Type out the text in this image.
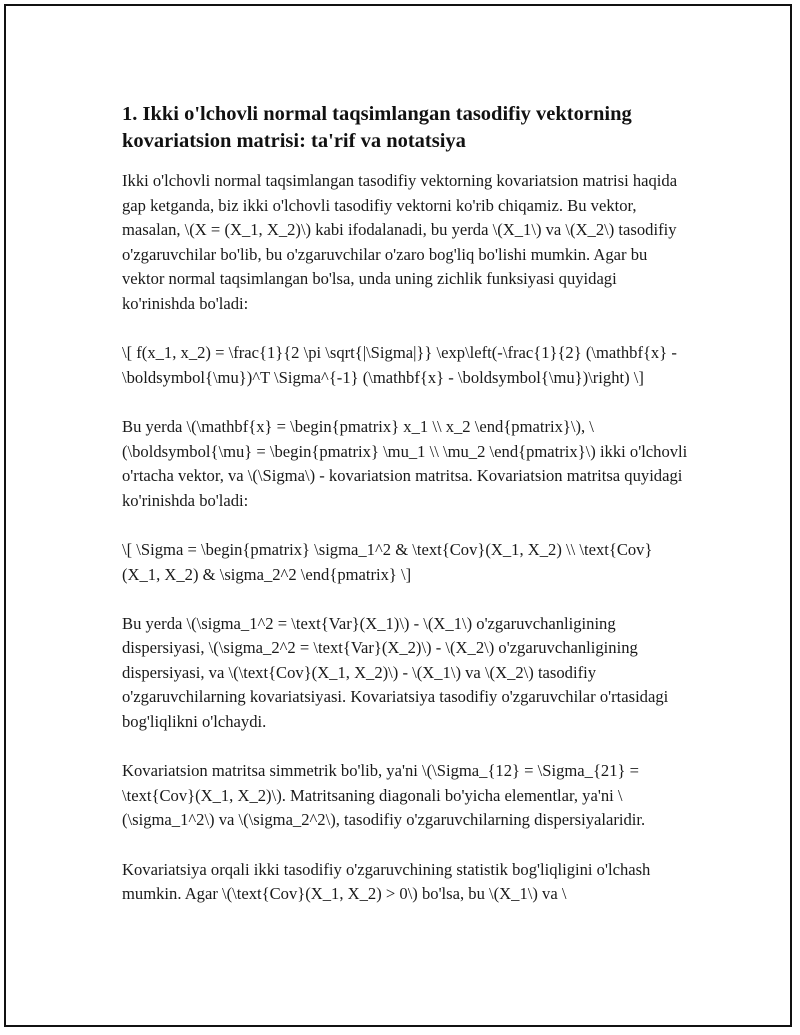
1. Ikki o'lchovli normal taqsimlangan tasodifiy vektorning kovariatsion matrisi: ta'rif va notatsiya

Ikki o'lchovli normal taqsimlangan tasodifiy vektorning kovariatsion matrisi haqida gap ketganda, biz ikki o'lchovli tasodifiy vektorni ko'rib chiqamiz. Bu vektor, masalan, \(X = (X_1, X_2)\) kabi ifodalanadi, bu yerda \(X_1\) va \(X_2\) tasodifiy o'zgaruvchilar bo'lib, bu o'zgaruvchilar o'zaro bog'liq bo'lishi mumkin. Agar bu vektor normal taqsimlangan bo'lsa, unda uning zichlik funksiyasi quyidagi ko'rinishda bo'ladi:

\[ f(x_1, x_2) = \frac{1}{2 \pi \sqrt{|\Sigma|}} \exp\left(-\frac{1}{2} (\mathbf{x} - \boldsymbol{\mu})^T \Sigma^{-1} (\mathbf{x} - \boldsymbol{\mu})\right) \]

Bu yerda \(\mathbf{x} = \begin{pmatrix} x_1 \\ x_2 \end{pmatrix}\), \(\boldsymbol{\mu} = \begin{pmatrix} \mu_1 \\ \mu_2 \end{pmatrix}\) ikki o'lchovli o'rtacha vektor, va \(\Sigma\) - kovariatsion matritsa. Kovariatsion matritsa quyidagi ko'rinishda bo'ladi:

\[ \Sigma = \begin{pmatrix} \sigma_1^2 & \text{Cov}(X_1, X_2) \\ \text{Cov}(X_1, X_2) & \sigma_2^2 \end{pmatrix} \]

Bu yerda \(\sigma_1^2 = \text{Var}(X_1)\) - \(X_1\) o'zgaruvchanligining dispersiyasi, \(\sigma_2^2 = \text{Var}(X_2)\) - \(X_2\) o'zgaruvchanligining dispersiyasi, va \(\text{Cov}(X_1, X_2)\) - \(X_1\) va \(X_2\) tasodifiy o'zgaruvchilarning kovariatsiyasi. Kovariatsiya tasodifiy o'zgaruvchilar o'rtasidagi bog'liqlikni o'lchaydi.

Kovariatsion matritsa simmetrik bo'lib, ya'ni \(\Sigma_{12} = \Sigma_{21} = \text{Cov}(X_1, X_2)\). Matritsaning diagonali bo'yicha elementlar, ya'ni \(\sigma_1^2\) va \(\sigma_2^2\), tasodifiy o'zgaruvchilarning dispersiyalaridir.

Kovariatsiya orqali ikki tasodifiy o'zgaruvchining statistik bog'liqligini o'lchash mumkin. Agar \(\text{Cov}(X_1, X_2) > 0\) bo'lsa, bu \(X_1\) va \
